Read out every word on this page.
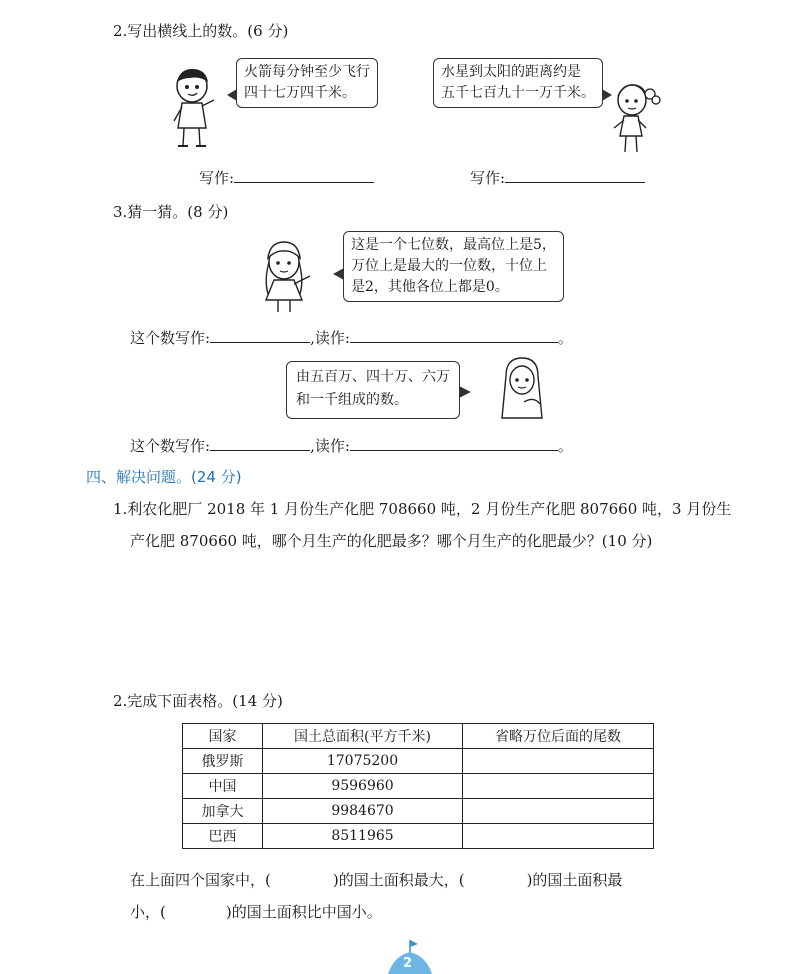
2.写出横线上的数。(6 分)
火箭每分钟至少飞行
四十七万四千米。
水星到太阳的距离约是
五千七百九十一万千米。
写作:	写作:
3.猜一猜。(8 分)
这是一个七位数，最高位上是5，
万位上是最大的一位数，十位上
是2，其他各位上都是0。
这个数写作:	,读作:	。
由五百万、四十万、六万
和一千组成的数。
这个数写作:	,读作:	。
四、解决问题。(24 分)
1.利农化肥厂 2018 年 1 月份生产化肥 708660 吨，2 月份生产化肥 807660 吨，3 月份生
产化肥 870660 吨，哪个月生产的化肥最多？哪个月生产的化肥最少？(10 分)
2.完成下面表格。(14 分)
国家	国土总面积(平方千米)	省略万位后面的尾数
俄罗斯	17075200	
中国	9596960	
加拿大	9984670	
巴西	8511965	
在上面四个国家中，(	)的国土面积最大，(	)的国土面积最
小，(	)的国土面积比中国小。
2
